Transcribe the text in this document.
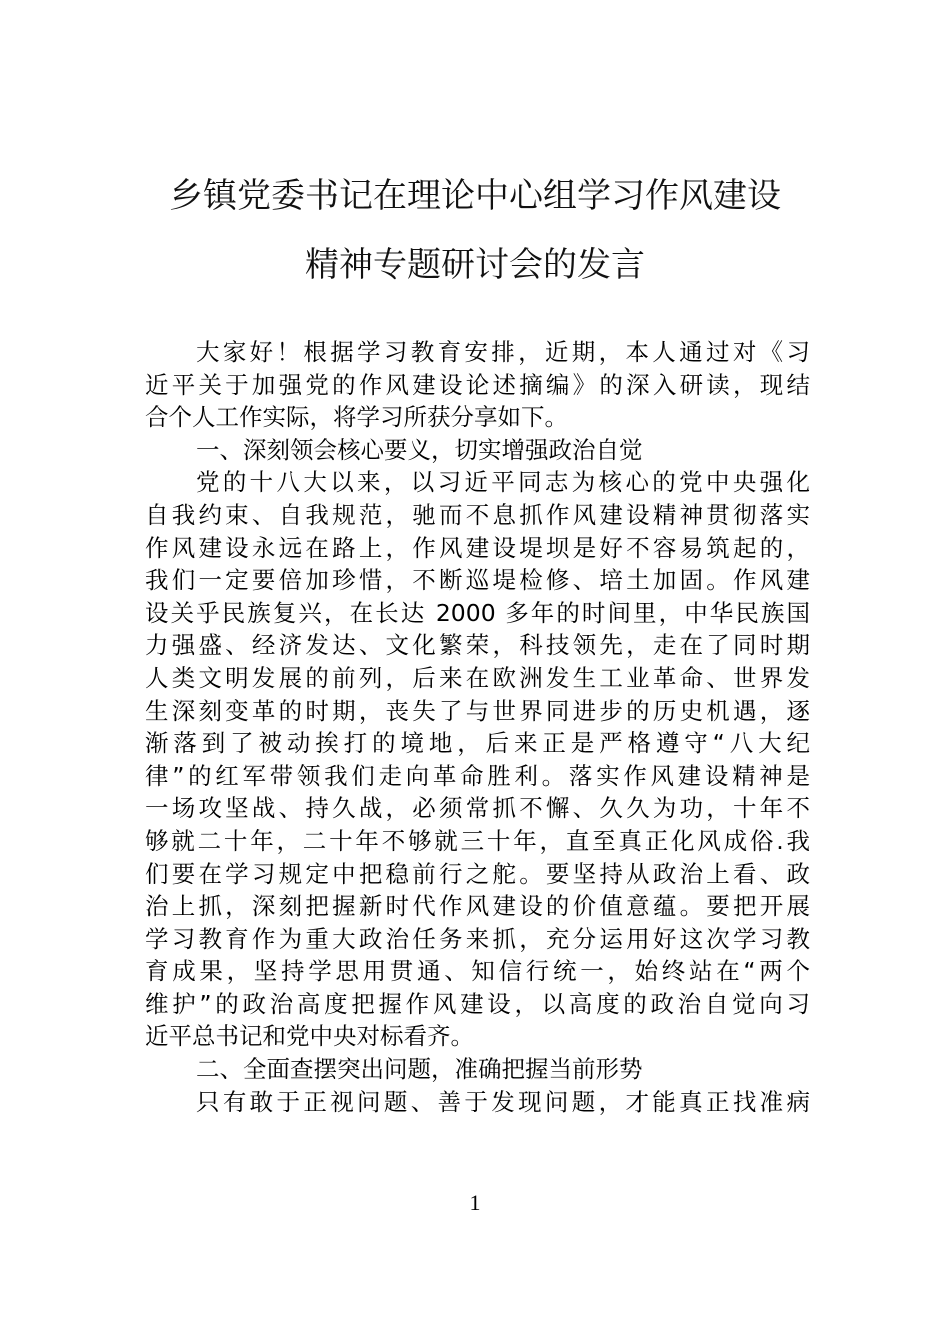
乡镇党委书记在理论中心组学习作风建设
精神专题研讨会的发言
大家好！根据学习教育安排，近期，本人通过对《习
近平关于加强党的作风建设论述摘编》的深入研读，现结
合个人工作实际，将学习所获分享如下。
一、深刻领会核心要义，切实增强政治自觉
党的十八大以来，以习近平同志为核心的党中央强化
自我约束、自我规范，驰而不息抓作风建设精神贯彻落实
作风建设永远在路上，作风建设堤坝是好不容易筑起的，
我们一定要倍加珍惜，不断巡堤检修、培土加固。作风建
设关乎民族复兴，在长达 2000 多年的时间里，中华民族国
力强盛、经济发达、文化繁荣，科技领先，走在了同时期
人类文明发展的前列，后来在欧洲发生工业革命、世界发
生深刻变革的时期，丧失了与世界同进步的历史机遇，逐
渐落到了被动挨打的境地，后来正是严格遵守“八大纪
律”的红军带领我们走向革命胜利。落实作风建设精神是
一场攻坚战、持久战，必须常抓不懈、久久为功，十年不
够就二十年，二十年不够就三十年，直至真正化风成俗.我
们要在学习规定中把稳前行之舵。要坚持从政治上看、政
治上抓，深刻把握新时代作风建设的价值意蕴。要把开展
学习教育作为重大政治任务来抓，充分运用好这次学习教
育成果，坚持学思用贯通、知信行统一，始终站在“两个
维护”的政治高度把握作风建设，以高度的政治自觉向习
近平总书记和党中央对标看齐。
二、全面查摆突出问题，准确把握当前形势
只有敢于正视问题、善于发现问题，才能真正找准病
1
